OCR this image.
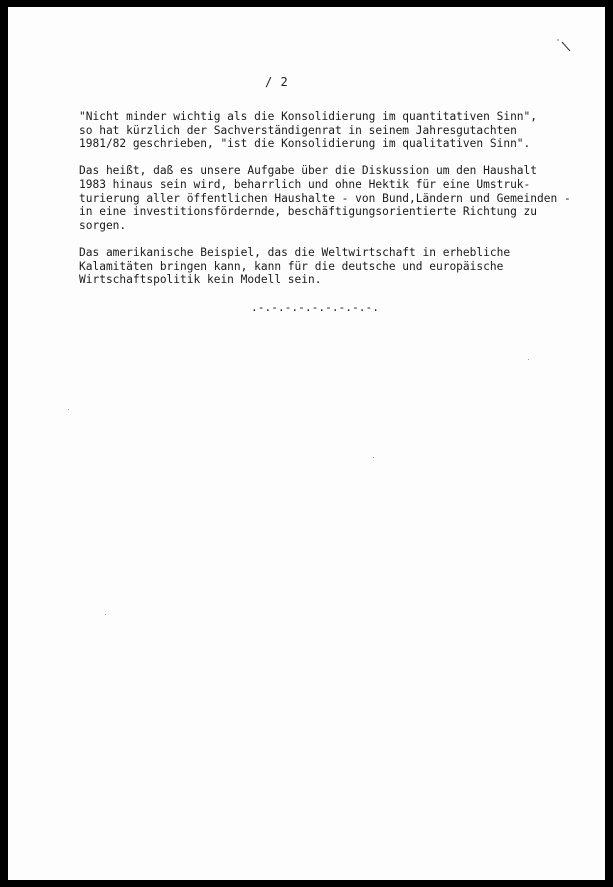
/ 2
"Nicht minder wichtig als die Konsolidierung im quantitativen Sinn",
so hat kürzlich der Sachverständigenrat in seinem Jahresgutachten
1981/82 geschrieben, "ist die Konsolidierung im qualitativen Sinn".
Das heißt, daß es unsere Aufgabe über die Diskussion um den Haushalt
1983 hinaus sein wird, beharrlich und ohne Hektik für eine Umstruk-
turierung aller öffentlichen Haushalte - von Bund,Ländern und Gemeinden -
in eine investitionsfördernde, beschäftigungsorientierte Richtung zu
sorgen.
Das amerikanische Beispiel, das die Weltwirtschaft in erhebliche
Kalamitäten bringen kann, kann für die deutsche und europäische
Wirtschaftspolitik kein Modell sein.
.-.-.-.-.-.-.-.-.-.
